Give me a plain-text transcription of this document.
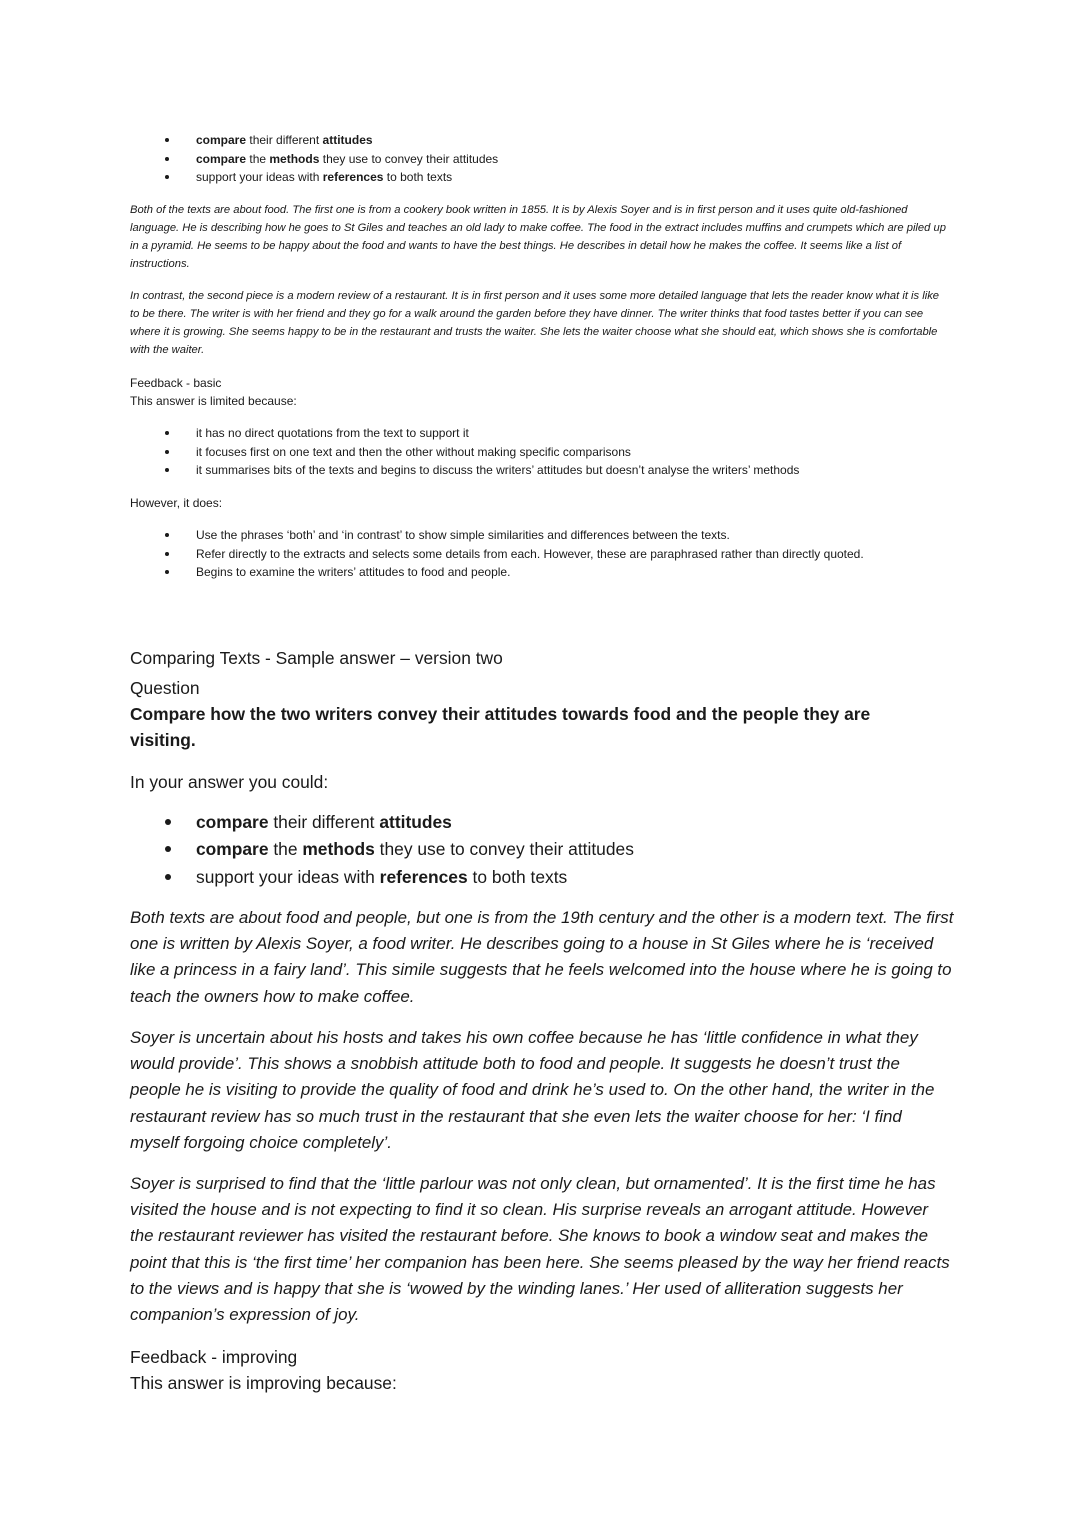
compare their different attitudes
compare the methods they use to convey their attitudes
support your ideas with references to both texts

Both of the texts are about food. The first one is from a cookery book written in 1855. It is by Alexis Soyer and is in first person and it uses quite old-fashioned language. He is describing how he goes to St Giles and teaches an old lady to make coffee. The food in the extract includes muffins and crumpets which are piled up in a pyramid. He seems to be happy about the food and wants to have the best things. He describes in detail how he makes the coffee. It seems like a list of instructions.

In contrast, the second piece is a modern review of a restaurant. It is in first person and it uses some more detailed language that lets the reader know what it is like to be there. The writer is with her friend and they go for a walk around the garden before they have dinner. The writer thinks that food tastes better if you can see where it is growing. She seems happy to be in the restaurant and trusts the waiter. She lets the waiter choose what she should eat, which shows she is comfortable with the waiter.

Feedback - basic

This answer is limited because:

it has no direct quotations from the text to support it
it focuses first on one text and then the other without making specific comparisons
it summarises bits of the texts and begins to discuss the writers’ attitudes but doesn’t analyse the writers’ methods

However, it does:

Use the phrases ‘both’ and ‘in contrast’ to show simple similarities and differences between the texts.
Refer directly to the extracts and selects some details from each. However, these are paraphrased rather than directly quoted.
Begins to examine the writers’ attitudes to food and people.

Comparing Texts - Sample answer – version two

Question

Compare how the two writers convey their attitudes towards food and the people they are visiting.

In your answer you could:

compare their different attitudes
compare the methods they use to convey their attitudes
support your ideas with references to both texts

Both texts are about food and people, but one is from the 19th century and the other is a modern text. The first one is written by Alexis Soyer, a food writer. He describes going to a house in St Giles where he is ‘received like a princess in a fairy land’. This simile suggests that he feels welcomed into the house where he is going to teach the owners how to make coffee.

Soyer is uncertain about his hosts and takes his own coffee because he has ‘little confidence in what they would provide’. This shows a snobbish attitude both to food and people. It suggests he doesn’t trust the people he is visiting to provide the quality of food and drink he’s used to. On the other hand, the writer in the restaurant review has so much trust in the restaurant that she even lets the waiter choose for her: ‘I find myself forgoing choice completely’.

Soyer is surprised to find that the ‘little parlour was not only clean, but ornamented’. It is the first time he has visited the house and is not expecting to find it so clean. His surprise reveals an arrogant attitude. However the restaurant reviewer has visited the restaurant before. She knows to book a window seat and makes the point that this is ‘the first time’ her companion has been here. She seems pleased by the way her friend reacts to the views and is happy that she is ‘wowed by the winding lanes.’ Her used of alliteration suggests her companion’s expression of joy.

Feedback - improving

This answer is improving because:
